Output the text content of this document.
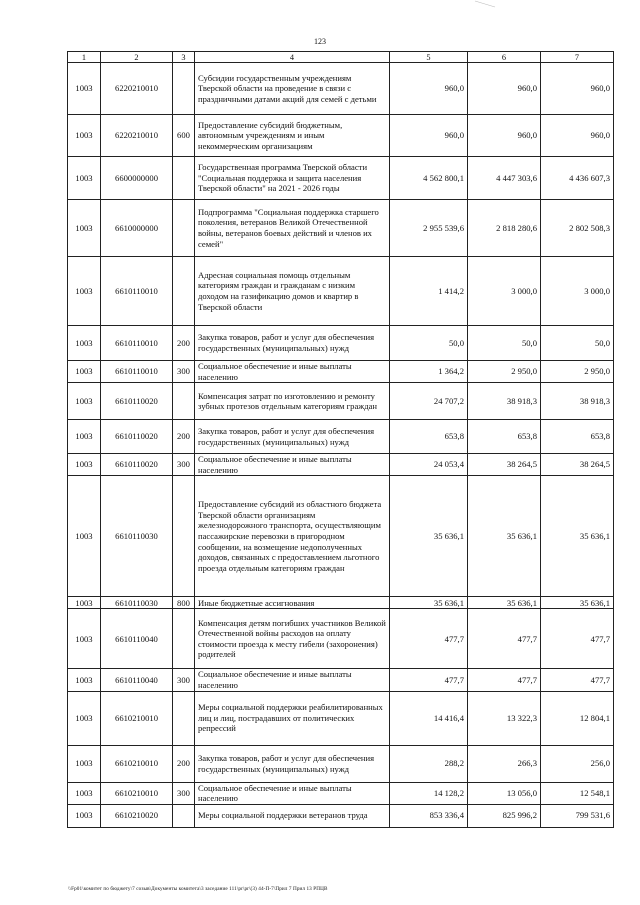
123
1	2	3	4	5	6	7
1003	6220210010		Субсидии государственным учреждениям Тверской области на проведение в связи с праздничными датами акций для семей с детьми	960,0	960,0	960,0
1003	6220210010	600	Предоставление субсидий бюджетным, автономным учреждениям и иным некоммерческим организациям	960,0	960,0	960,0
1003	6600000000		Государственная программа Тверской области "Социальная поддержка и защита населения Тверской области" на 2021 - 2026 годы	4 562 800,1	4 447 303,6	4 436 607,3
1003	6610000000		Подпрограмма "Социальная поддержка старшего поколения, ветеранов Великой Отечественной войны, ветеранов боевых действий и членов их семей"	2 955 539,6	2 818 280,6	2 802 508,3
1003	6610110010		Адресная социальная помощь отдельным категориям граждан и гражданам с низким доходом на газификацию домов и квартир в Тверской области	1 414,2	3 000,0	3 000,0
1003	6610110010	200	Закупка товаров, работ и услуг для обеспечения государственных (муниципальных) нужд	50,0	50,0	50,0
1003	6610110010	300	Социальное обеспечение и иные выплаты населению	1 364,2	2 950,0	2 950,0
1003	6610110020		Компенсация затрат по изготовлению и ремонту зубных протезов отдельным категориям граждан	24 707,2	38 918,3	38 918,3
1003	6610110020	200	Закупка товаров, работ и услуг для обеспечения государственных (муниципальных) нужд	653,8	653,8	653,8
1003	6610110020	300	Социальное обеспечение и иные выплаты населению	24 053,4	38 264,5	38 264,5
1003	6610110030		Предоставление субсидий из областного бюджета Тверской области организациям железнодорожного транспорта, осуществляющим пассажирские перевозки в пригородном сообщении, на возмещение недополученных доходов, связанных с предоставлением льготного проезда отдельным категориям граждан	35 636,1	35 636,1	35 636,1
1003	6610110030	800	Иные бюджетные ассигнования	35 636,1	35 636,1	35 636,1
1003	6610110040		Компенсация детям погибших участников Великой Отечественной войны расходов на оплату стоимости проезда к месту гибели (захоронения) родителей	477,7	477,7	477,7
1003	6610110040	300	Социальное обеспечение и иные выплаты населению	477,7	477,7	477,7
1003	6610210010		Меры социальной поддержки реабилитированных лиц и лиц, пострадавших от политических репрессий	14 416,4	13 322,3	12 804,1
1003	6610210010	200	Закупка товаров, работ и услуг для обеспечения государственных (муниципальных) нужд	288,2	266,3	256,0
1003	6610210010	300	Социальное обеспечение и иные выплаты населению	14 128,2	13 056,0	12 548,1
1003	6610210020		Меры социальной поддержки ветеранов труда	853 336,4	825 996,2	799 531,6
\\Fp01\комитет по бюджету\7 созыв\Документы комитета\3 заседание 111\pr\pr\(3) 44-П-7\Прил 7 Прил 13 РПЦВ
